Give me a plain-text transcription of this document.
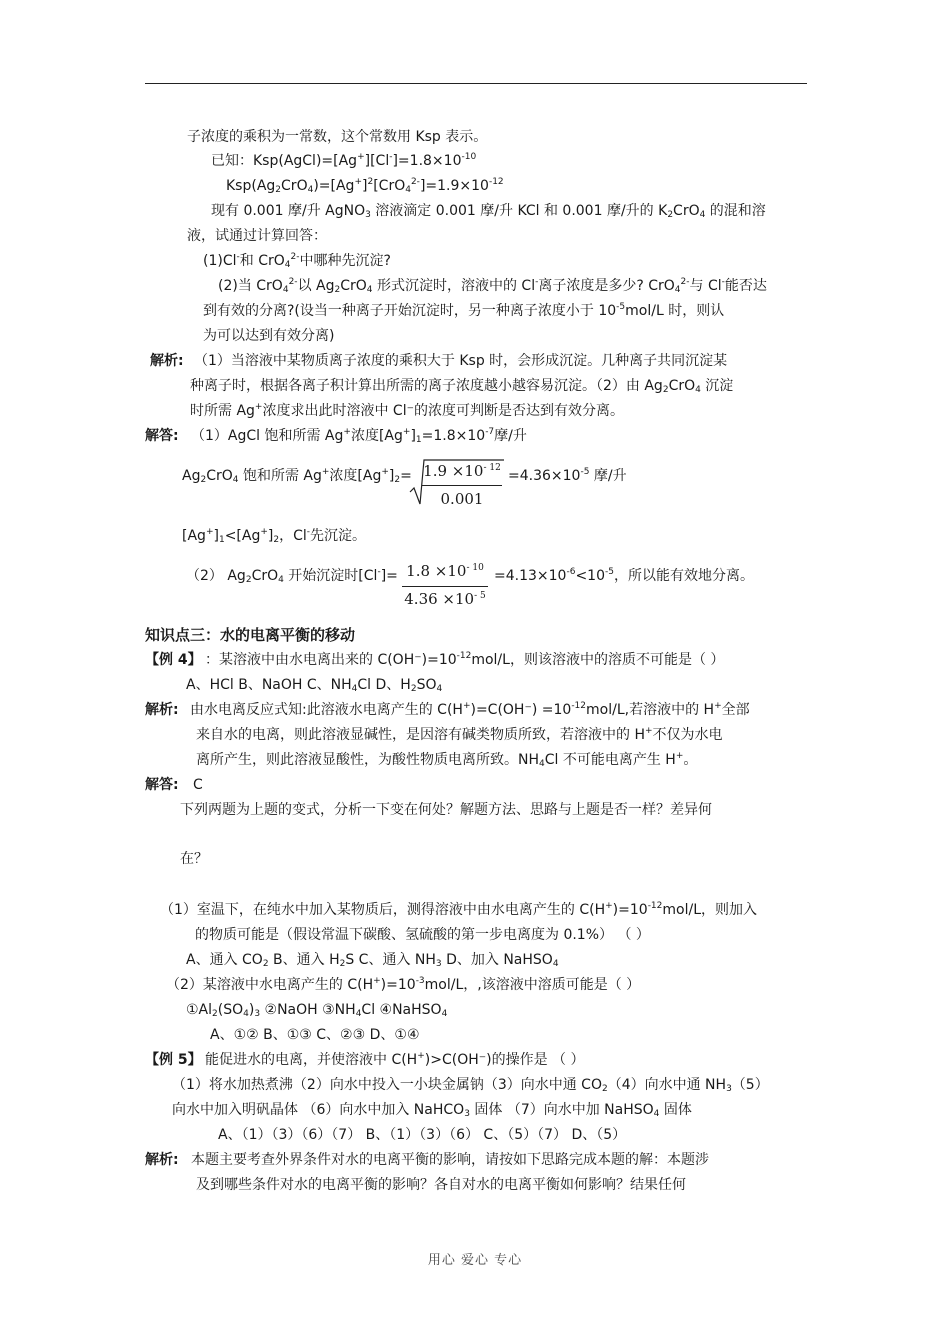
子浓度的乘积为一常数，这个常数用 Ksp 表示。
已知：$Ksp(AgCl)=[Ag^+][Cl^-]=1.8\times 10^{-10}$
$Ksp(Ag_2CrO_4)=[Ag^+]^2[CrO_4^{2-}]=1.9\times 10^{-12}$
现有 0.001 摩/升 AgNO$_3$ 溶液滴定 0.001 摩/升 KCl 和 0.001 摩/升的 $K_2CrO_4$ 的混和溶
液，试通过计算回答：
(1)Cl-和 CrO$_4^{2-}$中哪种先沉淀?
(2)当 CrO$_4^{2-}$以 $Ag_2CrO_4$ 形式沉淀时，溶液中的 Cl-离子浓度是多少? CrO$_4^{2-}$与 Cl-能否达
到有效的分离?(设当一种离子开始沉淀时，另一种离子浓度小于 $10^{-5}mol/L$ 时，则认
为可以达到有效分离)
解析: （1）当溶液中某物质离子浓度的乘积大于 Ksp 时，会形成沉淀。几种离子共同沉淀某
种离子时，根据各离子积计算出所需的离子浓度越小越容易沉淀。（2）由 $Ag_2CrO_4$ 沉淀
时所需 Ag+浓度求出此时溶液中 Cl⁻的浓度可判断是否达到有效分离。
解答: （1）AgCl 饱和所需 Ag+浓度$[Ag^+]_1=1.8\times 10^{-7}$摩/升
$Ag_2CrO_4$ 饱和所需 Ag+浓度$[Ag^+]_2= 1.9 \times 10^{- 12}$
0.001
$=4.36\times 10^{-5}$ 摩/升
$[Ag^+]_1<[Ag^+]_2$，Cl-先沉淀。
（2） $Ag_2CrO_4$ 开始沉淀时$[Cl^-]= 1.8 \times 10^{- 10}$
$4.36 \times 10^{- 5}$
$=4.13\times 10^{-6}<10^{-5}$，所以能有效地分离。
知识点三：水的电离平衡的移动
【例 4】 ：某溶液中由水电离出来的 $C(OH^-)=10^{-12}mol/L$，则该溶液中的溶质不可能是（ ）
A、HCl B、NaOH C、$NH_4Cl$ D、$H_2SO_4$
解析: 由水电离反应式知:此溶液水电离产生的 $C(H^+)=C(OH^-) =10^{-12}mol/L$,若溶液中的 H+全部
来自水的电离，则此溶液显碱性，是因溶有碱类物质所致，若溶液中的 H+不仅为水电
离所产生，则此溶液显酸性，为酸性物质电离所致。$NH_4Cl$ 不可能电离产生 H+。
解答: C
下列两题为上题的变式，分析一下变在何处？解题方法、思路与上题是否一样？差异何
在？
（1）室温下，在纯水中加入某物质后，测得溶液中由水电离产生的 $C(H^+)=10^{-12}mol/L$，则加入
的物质可能是（假设常温下碳酸、氢硫酸的第一步电离度为 0.1%） （ ）
A、通入 $CO_2$ B、通入 $H_2S$ C、通入 $NH_3$ D、加入 NaHSO$_4$
（2）某溶液中水电离产生的 $C(H^+)=10^{-3}mol/L$，,该溶液中溶质可能是（ ）
$①Al_2(SO_4)_3$ ②NaOH $③NH_4Cl$ ④NaHSO$_4$
A、①② B、①③ C、②③ D、①④
【例 5】 能促进水的电离，并使溶液中 C(H+)>C(OH⁻)的操作是 （ ）
（1）将水加热煮沸（2）向水中投入一小块金属钠（3）向水中通 $CO_2(4)$向水中通 $NH_3(5)$
向水中加入明矾晶体 （6）向水中加入 NaHCO$_3$ 固体 （7）向水中加 NaHSO$_4$ 固体
A、（1）（3）（6）（7） B、（1）（3）（6） C、（5）（7） D、（5）
解析: 本题主要考查外界条件对水的电离平衡的影响，请按如下思路完成本题的解：本题涉
及到哪些条件对水的电离平衡的影响？各自对水的电离平衡如何影响？结果任何
用心 爱心 专心
